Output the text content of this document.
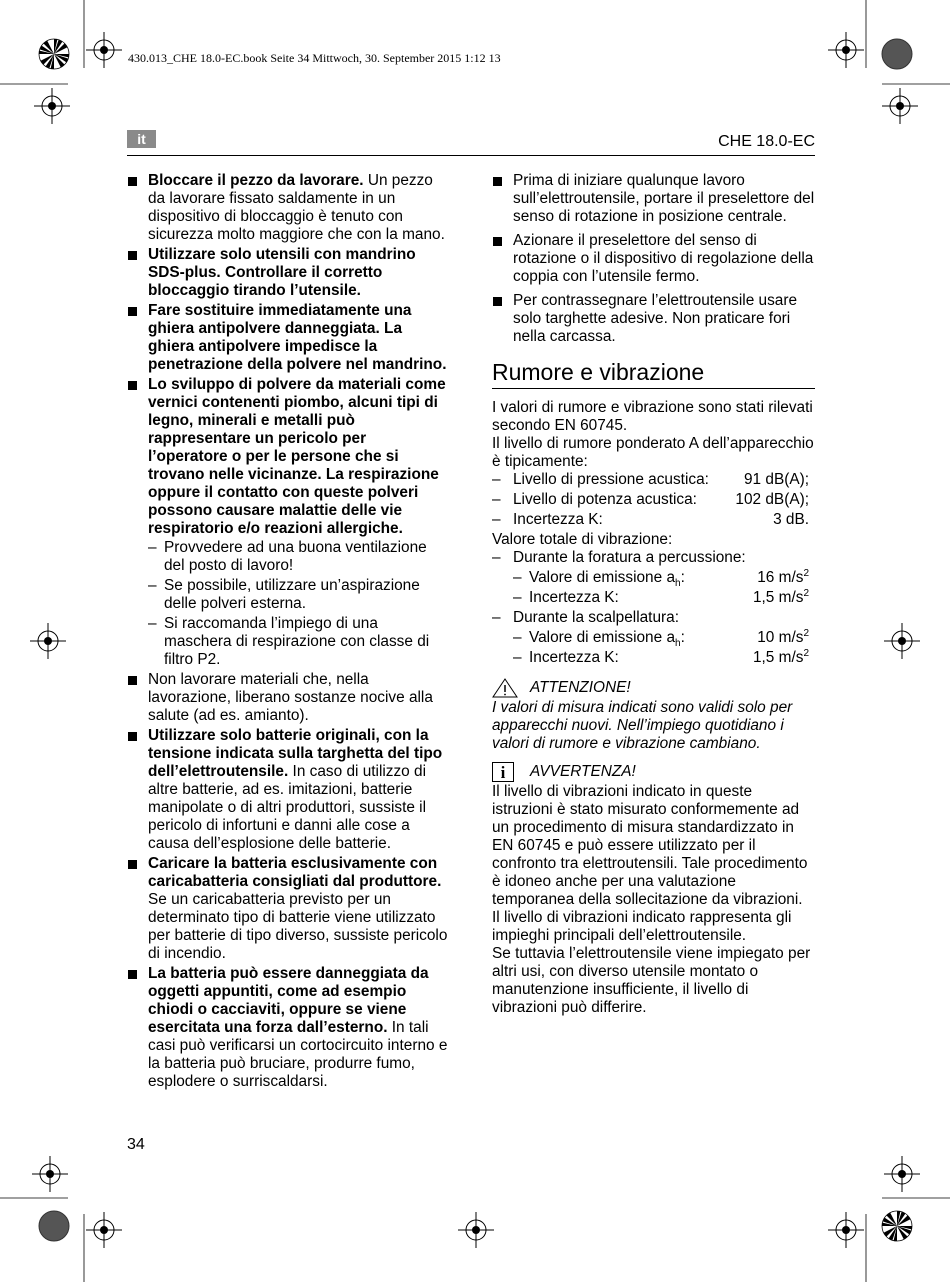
430.013_CHE 18.0-EC.book Seite 34 Mittwoch, 30. September 2015 1:12 13
it	CHE 18.0-EC
Bloccare il pezzo da lavorare. Un pezzo da lavorare fissato saldamente in un dispositivo di bloccaggio è tenuto con sicurezza molto maggiore che con la mano.
Utilizzare solo utensili con mandrino SDS-plus. Controllare il corretto bloccaggio tirando l’utensile.
Fare sostituire immediatamente una ghiera antipolvere danneggiata. La ghiera antipolvere impedisce la penetrazione della polvere nel mandrino.
Lo sviluppo di polvere da materiali come vernici contenenti piombo, alcuni tipi di legno, minerali e metalli può rappresentare un pericolo per l’operatore o per le persone che si trovano nelle vicinanze. La respirazione oppure il contatto con queste polveri possono causare malattie delle vie respiratorio e/o reazioni allergiche.
– Provvedere ad una buona ventilazione del posto di lavoro!
– Se possibile, utilizzare un’aspirazione delle polveri esterna.
– Si raccomanda l’impiego di una maschera di respirazione con classe di filtro P2.
Non lavorare materiali che, nella lavorazione, liberano sostanze nocive alla salute (ad es. amianto).
Utilizzare solo batterie originali, con la tensione indicata sulla targhetta del tipo dell’elettroutensile. In caso di utilizzo di altre batterie, ad es. imitazioni, batterie manipolate o di altri produttori, sussiste il pericolo di infortuni e danni alle cose a causa dell’esplosione delle batterie.
Caricare la batteria esclusivamente con caricabatteria consigliati dal produttore. Se un caricabatteria previsto per un determinato tipo di batterie viene utilizzato per batterie di tipo diverso, sussiste pericolo di incendio.
La batteria può essere danneggiata da oggetti appuntiti, come ad esempio chiodi o cacciaviti, oppure se viene esercitata una forza dall’esterno. In tali casi può verificarsi un cortocircuito interno e la batteria può bruciare, produrre fumo, esplodere o surriscaldarsi.
Prima di iniziare qualunque lavoro sull’elettroutensile, portare il preselettore del senso di rotazione in posizione centrale.
Azionare il preselettore del senso di rotazione o il dispositivo di regolazione della coppia con l’utensile fermo.
Per contrassegnare l’elettroutensile usare solo targhette adesive. Non praticare fori nella carcassa.
Rumore e vibrazione

I valori di rumore e vibrazione sono stati rilevati secondo EN 60745.

Il livello di rumore ponderato A dell’apparecchio è tipicamente:

– Livello di pressione acustica: 91 dB(A);
– Livello di potenza acustica: 102 dB(A);
– Incertezza K:	3 dB.

Valore totale di vibrazione:

– Durante la foratura a percussione:
– Valore di emissione $a_h$:	16 $m/s^2$
– Incertezza K:	1,5 $m/s^2$
– Durante la scalpellatura:
– Valore di emissione $a_h$:	10 $m/s^2$
– Incertezza K:	1,5 $m/s^2$
ATTENZIONE!

I valori di misura indicati sono validi solo per apparecchi nuovi. Nell’impiego quotidiano i valori di rumore e vibrazione cambiano.

i	AVVERTENZA!

Il livello di vibrazioni indicato in queste istruzioni è stato misurato conformemente ad un procedimento di misura standardizzato in EN 60745 e può essere utilizzato per il confronto tra elettroutensili. Tale procedimento è idoneo anche per una valutazione temporanea della sollecitazione da vibrazioni.

Il livello di vibrazioni indicato rappresenta gli impieghi principali dell’elettroutensile.

Se tuttavia l’elettroutensile viene impiegato per altri usi, con diverso utensile montato o manutenzione insufficiente, il livello di vibrazioni può differire.

34
